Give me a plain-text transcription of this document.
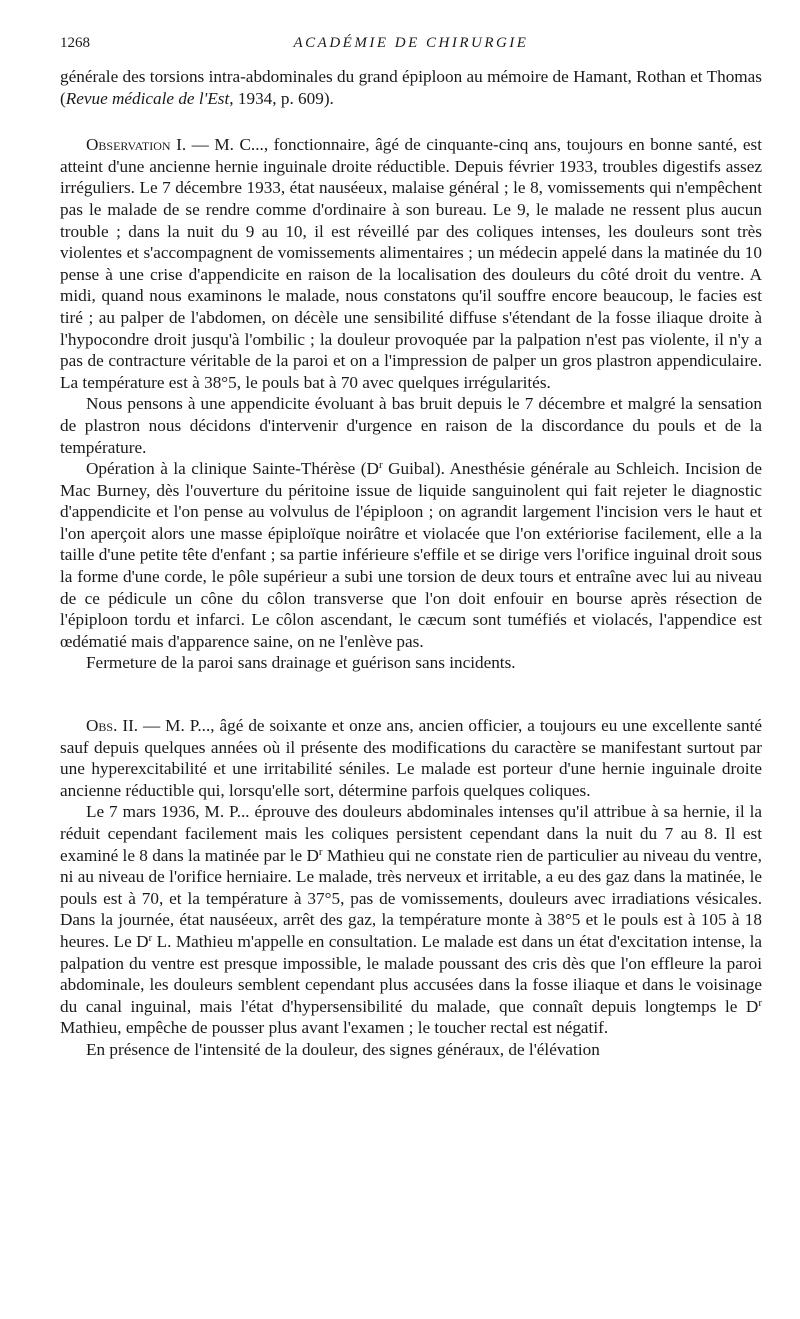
1268	ACADÉMIE DE CHIRURGIE

générale des torsions intra-abdominales du grand épiploon au mémoire de Hamant, Rothan et Thomas (Revue médicale de l'Est, 1934, p. 609).

Observation I. — M. C..., fonctionnaire, âgé de cinquante-cinq ans, toujours en bonne santé, est atteint d'une ancienne hernie inguinale droite réductible. Depuis février 1933, troubles digestifs assez irréguliers. Le 7 décembre 1933, état nauséeux, malaise général ; le 8, vomissements qui n'empêchent pas le malade de se rendre comme d'ordinaire à son bureau. Le 9, le malade ne ressent plus aucun trouble ; dans la nuit du 9 au 10, il est réveillé par des coliques intenses, les douleurs sont très violentes et s'accompagnent de vomissements alimentaires ; un médecin appelé dans la matinée du 10 pense à une crise d'appendicite en raison de la localisation des douleurs du côté droit du ventre. A midi, quand nous examinons le malade, nous constatons qu'il souffre encore beaucoup, le facies est tiré ; au palper de l'abdomen, on décèle une sensibilité diffuse s'étendant de la fosse iliaque droite à l'hypocondre droit jusqu'à l'ombilic ; la douleur provoquée par la palpation n'est pas violente, il n'y a pas de contracture véritable de la paroi et on a l'impression de palper un gros plastron appendiculaire. La température est à 38°5, le pouls bat à 70 avec quelques irrégularités.

Nous pensons à une appendicite évoluant à bas bruit depuis le 7 décembre et malgré la sensation de plastron nous décidons d'intervenir d'urgence en raison de la discordance du pouls et de la température.

Opération à la clinique Sainte-Thérèse ($D^r$ Guibal). Anesthésie générale au Schleich. Incision de Mac Burney, dès l'ouverture du péritoine issue de liquide sanguinolent qui fait rejeter le diagnostic d'appendicite et l'on pense au volvulus de l'épiploon ; on agrandit largement l'incision vers le haut et l'on aperçoit alors une masse épiploïque noirâtre et violacée que l'on extériorise facilement, elle a la taille d'une petite tête d'enfant ; sa partie inférieure s'effile et se dirige vers l'orifice inguinal droit sous la forme d'une corde, le pôle supérieur a subi une torsion de deux tours et entraîne avec lui au niveau de ce pédicule un cône du côlon transverse que l'on doit enfouir en bourse après résection de l'épiploon tordu et infarci. Le côlon ascendant, le cæcum sont tuméfiés et violacés, l'appendice est œdématié mais d'apparence saine, on ne l'enlève pas.

Fermeture de la paroi sans drainage et guérison sans incidents.

Obs. II. — M. P..., âgé de soixante et onze ans, ancien officier, a toujours eu une excellente santé sauf depuis quelques années où il présente des modifications du caractère se manifestant surtout par une hyperexcitabilité et une irritabilité séniles. Le malade est porteur d'une hernie inguinale droite ancienne réductible qui, lorsqu'elle sort, détermine parfois quelques coliques.

Le 7 mars 1936, M. P... éprouve des douleurs abdominales intenses qu'il attribue à sa hernie, il la réduit cependant facilement mais les coliques persistent cependant dans la nuit du 7 au 8. Il est examiné le 8 dans la matinée par le $D^r$ Mathieu qui ne constate rien de particulier au niveau du ventre, ni au niveau de l'orifice herniaire. Le malade, très nerveux et irritable, a eu des gaz dans la matinée, le pouls est à 70, et la température à 37°5, pas de vomissements, douleurs avec irradiations vésicales. Dans la journée, état nauséeux, arrêt des gaz, la température monte à 38°5 et le pouls est à 105 à 18 heures. Le $D^r$ L. Mathieu m'appelle en consultation. Le malade est dans un état d'excitation intense, la palpation du ventre est presque impossible, le malade poussant des cris dès que l'on effleure la paroi abdominale, les douleurs semblent cependant plus accusées dans la fosse iliaque et dans le voisinage du canal inguinal, mais l'état d'hypersensibilité du malade, que connaît depuis longtemps le $D^r$ Mathieu, empêche de pousser plus avant l'examen ; le toucher rectal est négatif.

En présence de l'intensité de la douleur, des signes généraux, de l'élévation
